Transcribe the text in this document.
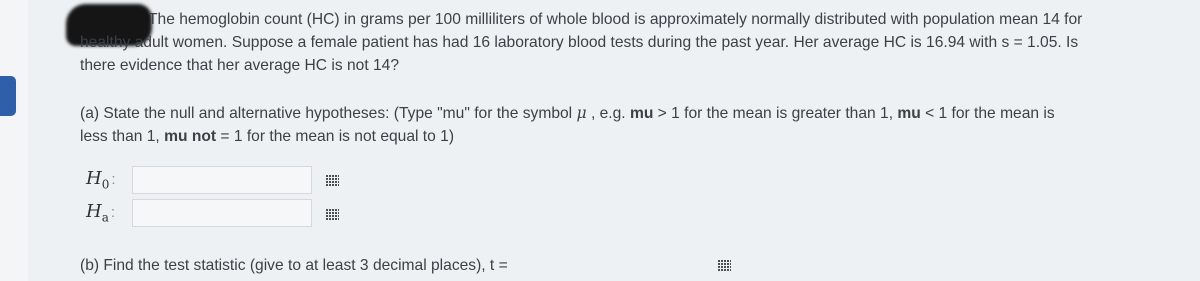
The hemoglobin count (HC) in grams per 100 milliliters of whole blood is approximately normally distributed with population mean 14 for
healthy adult women. Suppose a female patient has had 16 laboratory blood tests during the past year. Her average HC is 16.94 with s = 1.05. Is
there evidence that her average HC is not 14?
(a) State the null and alternative hypotheses: (Type "mu" for the symbol μ , e.g. mu > 1 for the mean is greater than 1, mu < 1 for the mean is
less than 1, mu not = 1 for the mean is not equal to 1)
$H_0$ :
$H_a$ :
(b) Find the test statistic (give to at least 3 decimal places), t =
